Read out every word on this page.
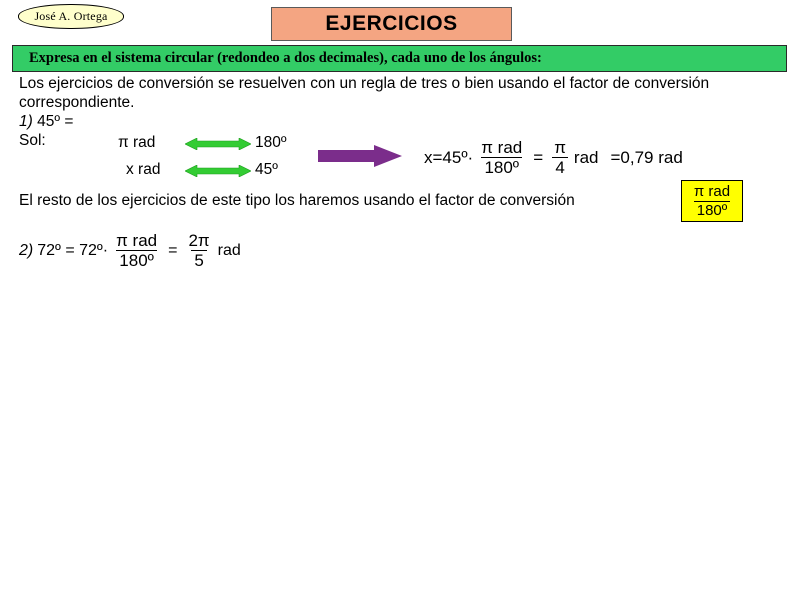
José A. Ortega	EJERCICIOS
Expresa en el sistema circular (redondeo a dos decimales), cada uno de los ángulos:
Los ejercicios de conversión se resuelven con un regla de tres o bien usando el factor de conversión correspondiente.
1) 45º =
Sol:	π rad	180º
x rad	45º
x=45º· $\frac{\text{π rad}}{\text{180º}} = \frac{\pi}{4}$ rad =0,79 rad
El resto de los ejercicios de este tipo los haremos usando el factor de conversión	$\frac{\text{π rad}}{\text{180º}}$
2) 72º = 72º· $\frac{\text{π rad}}{\text{180º}} = \frac{2\pi}{5}$ rad
